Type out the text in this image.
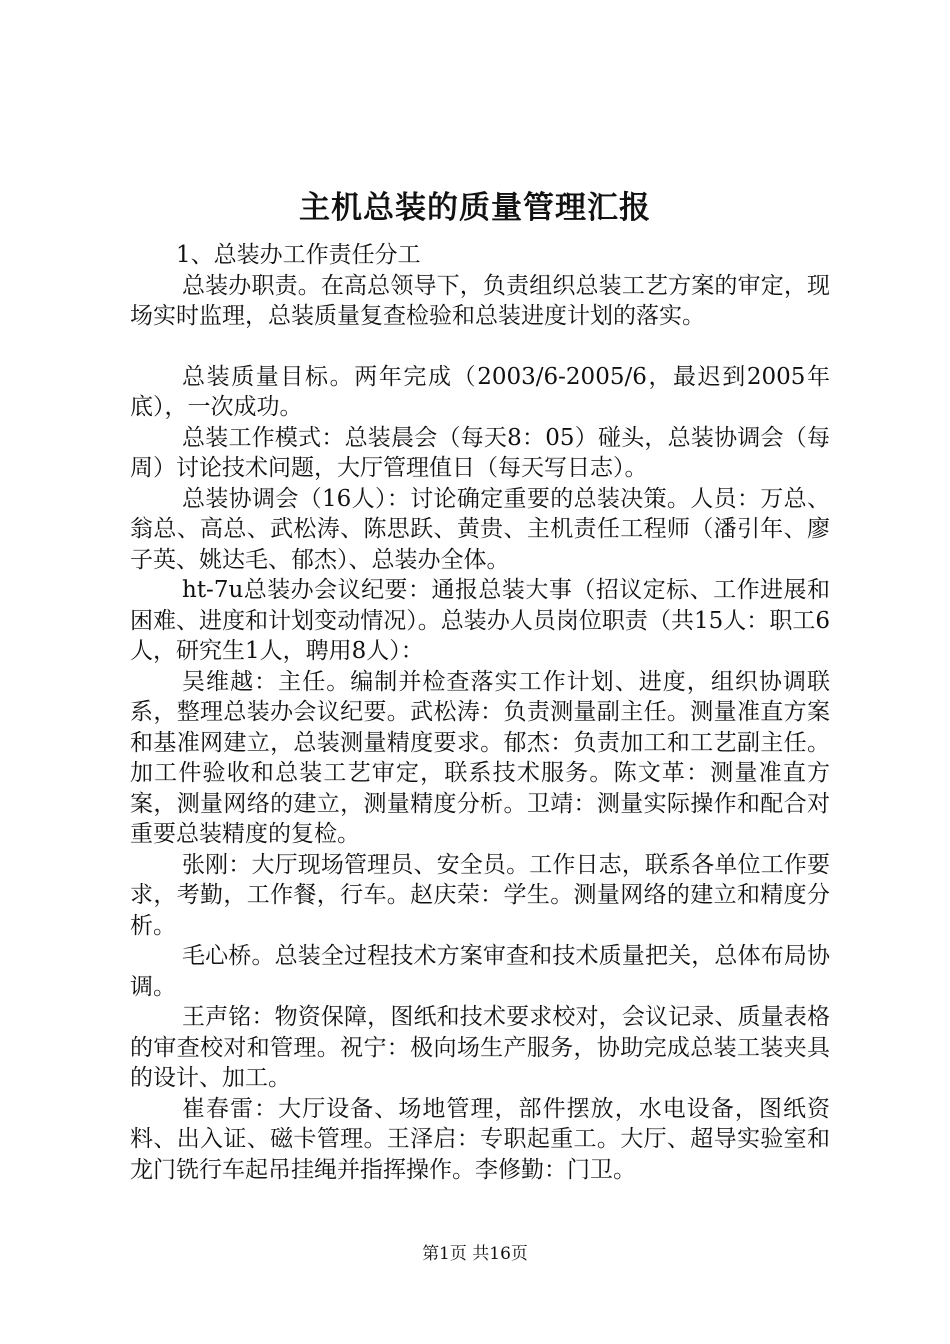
主机总装的质量管理汇报

1、总装办工作责任分工

总装办职责。在高总领导下，负责组织总装工艺方案的审定，现场实时监理，总装质量复查检验和总装进度计划的落实。

总装质量目标。两年完成（2003/6-2005/6，最迟到2005年底），一次成功。

总装工作模式：总装晨会（每天8：05）碰头，总装协调会（每周）讨论技术问题，大厅管理值日（每天写日志）。

总装协调会（16人）：讨论确定重要的总装决策。人员：万总、翁总、高总、武松涛、陈思跃、黄贵、主机责任工程师（潘引年、廖子英、姚达毛、郁杰）、总装办全体。

ht-7u总装办会议纪要：通报总装大事（招议定标、工作进展和困难、进度和计划变动情况）。总装办人员岗位职责（共15人：职工6人，研究生1人，聘用8人）：

吴维越：主任。编制并检查落实工作计划、进度，组织协调联系，整理总装办会议纪要。武松涛：负责测量副主任。测量准直方案和基准网建立，总装测量精度要求。郁杰：负责加工和工艺副主任。加工件验收和总装工艺审定，联系技术服务。陈文革：测量准直方案，测量网络的建立，测量精度分析。卫靖：测量实际操作和配合对重要总装精度的复检。

张刚：大厅现场管理员、安全员。工作日志，联系各单位工作要求，考勤，工作餐，行车。赵庆荣：学生。测量网络的建立和精度分析。

毛心桥。总装全过程技术方案审查和技术质量把关，总体布局协调。

王声铭：物资保障，图纸和技术要求校对，会议记录、质量表格的审查校对和管理。祝宁：极向场生产服务，协助完成总装工装夹具的设计、加工。

崔春雷：大厅设备、场地管理，部件摆放，水电设备，图纸资料、出入证、磁卡管理。王泽启：专职起重工。大厅、超导实验室和龙门铣行车起吊挂绳并指挥操作。李修勤：门卫。

第1页 共16页
